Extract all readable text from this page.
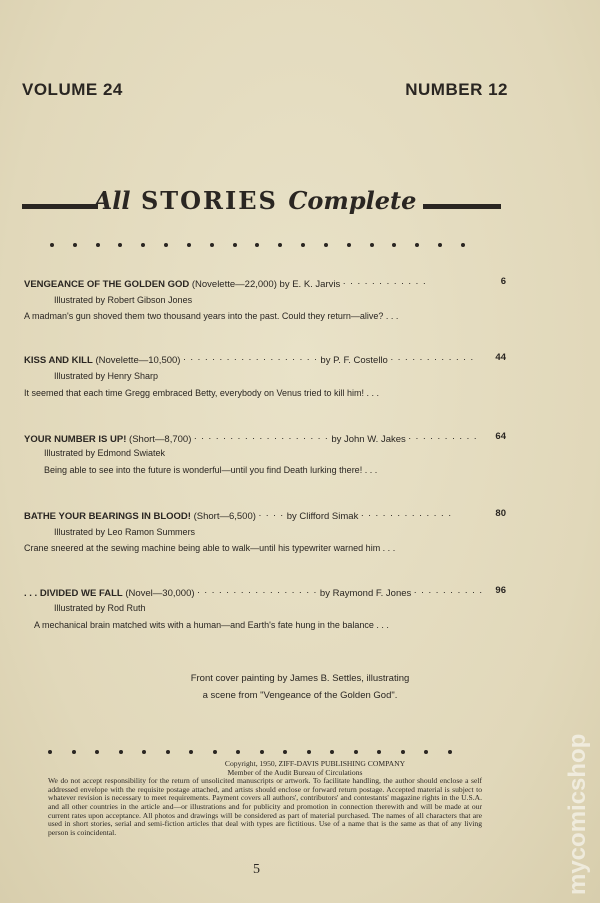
VOLUME 24	NUMBER 12
All STORIES Complete
VENGEANCE OF THE GOLDEN GOD (Novelette—22,000) by E. K. Jarvis . . . . . . . . . . . .	6
Illustrated by Robert Gibson Jones
A madman's gun shoved them two thousand years into the past. Could they return—alive? . . .
KISS AND KILL (Novelette—10,500) . . . . . . . . . . . . . . . . . . . by P. F. Costello . . . . . . . . . . . . 44
Illustrated by Henry Sharp
It seemed that each time Gregg embraced Betty, everybody on Venus tried to kill him! . . .
YOUR NUMBER IS UP! (Short—8,700) . . . . . . . . . . . . . . . . . . . by John W. Jakes . . . . . . . . . . 64
Illustrated by Edmond Swiatek
Being able to see into the future is wonderful—until you find Death lurking there! . . .
BATHE YOUR BEARINGS IN BLOOD! (Short—6,500) . . . . by Clifford Simak . . . . . . . . . . . . .	80
Illustrated by Leo Ramon Summers
Crane sneered at the sewing machine being able to walk—until his typewriter warned him . . .
. . . DIVIDED WE FALL (Novel—30,000) . . . . . . . . . . . . . . . . . by Raymond F. Jones . . . . . . . . . . 96
Illustrated by Rod Ruth
A mechanical brain matched wits with a human—and Earth's fate hung in the balance . . .
Front cover painting by James B. Settles, illustrating
a scene from "Vengeance of the Golden God".
Copyright, 1950, ZIFF-DAVIS PUBLISHING COMPANY
Member of the Audit Bureau of Circulations
We do not accept responsibility for the return of unsolicited manuscripts or artwork. To facilitate handling, the author should enclose a self addressed envelope with the requisite postage attached, and artists should enclose or forward return postage. Accepted material is subject to whatever revision is necessary to meet requirements. Payment covers all authors', contributors' and contestants' magazine rights in the U.S.A. and all other countries in the article and—or illustrations and for publicity and promotion in connection therewith and will be made at our current rates upon acceptance. All photos and drawings will be considered as part of material purchased. The names of all characters that are used in short stories, serial and semi-fiction articles that deal with types are fictitious. Use of a name that is the same as that of any living person is coincidental.
5	mycomicshop
